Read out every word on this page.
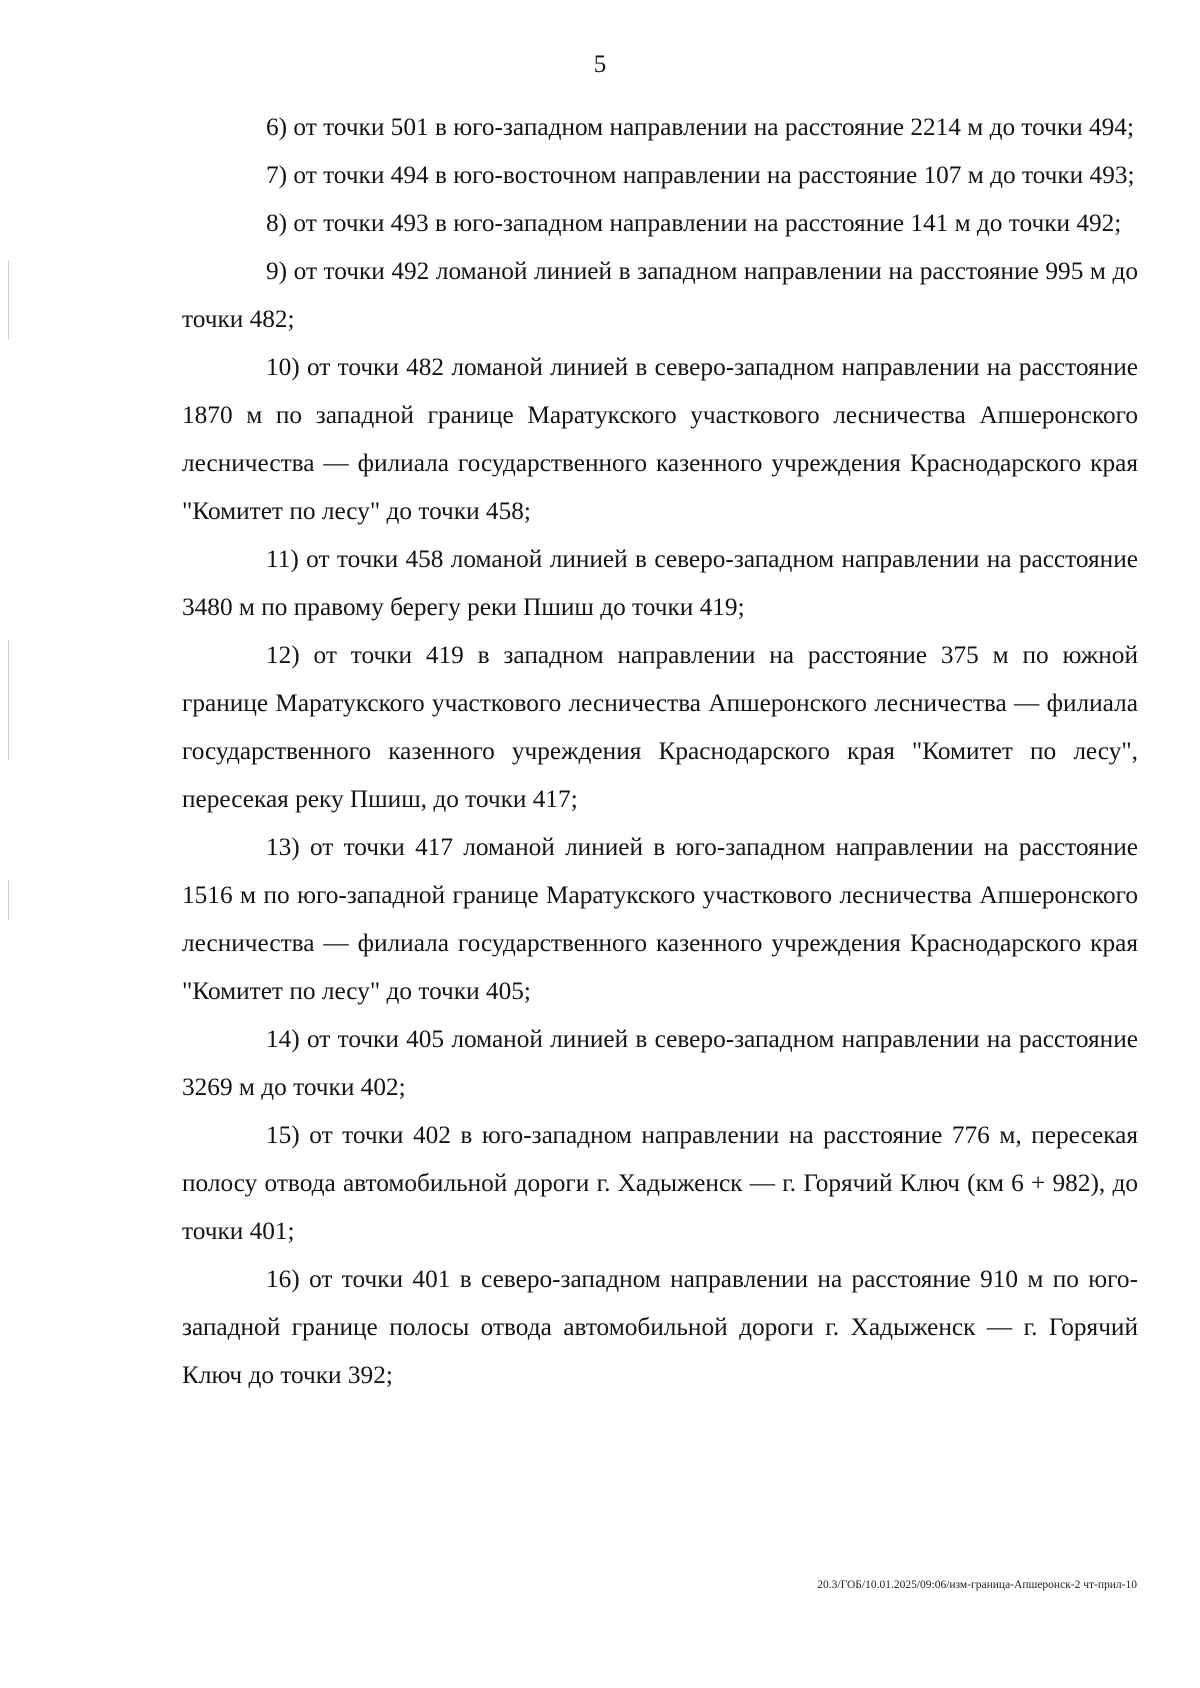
5

6) от точки 501 в юго-западном направлении на расстояние 2214 м до точки 494;

7) от точки 494 в юго-восточном направлении на расстояние 107 м до точки 493;

8) от точки 493 в юго-западном направлении на расстояние 141 м до точки 492;

9) от точки 492 ломаной линией в западном направлении на расстояние 995 м до точки 482;

10) от точки 482 ломаной линией в северо-западном направлении на расстояние 1870 м по западной границе Маратукского участкового лесничества Апшеронского лесничества — филиала государственного казенного учреждения Краснодарского края "Комитет по лесу" до точки 458;

11) от точки 458 ломаной линией в северо-западном направлении на расстояние 3480 м по правому берегу реки Пшиш до точки 419;

12) от точки 419 в западном направлении на расстояние 375 м по южной границе Маратукского участкового лесничества Апшеронского лесничества — филиала государственного казенного учреждения Краснодарского края "Комитет по лесу", пересекая реку Пшиш, до точки 417;

13) от точки 417 ломаной линией в юго-западном направлении на расстояние 1516 м по юго-западной границе Маратукского участкового лесничества Апшеронского лесничества — филиала государственного казенного учреждения Краснодарского края "Комитет по лесу" до точки 405;

14) от точки 405 ломаной линией в северо-западном направлении на расстояние 3269 м до точки 402;

15) от точки 402 в юго-западном направлении на расстояние 776 м, пересекая полосу отвода автомобильной дороги г. Хадыженск — г. Горячий Ключ (км 6 + 982), до точки 401;

16) от точки 401 в северо-западном направлении на расстояние 910 м по юго-западной границе полосы отвода автомобильной дороги г. Хадыженск — г. Горячий Ключ до точки 392;

20.3/ГОБ/10.01.2025/09:06/изм-граница-Апшеронск-2 чт-прил-10
